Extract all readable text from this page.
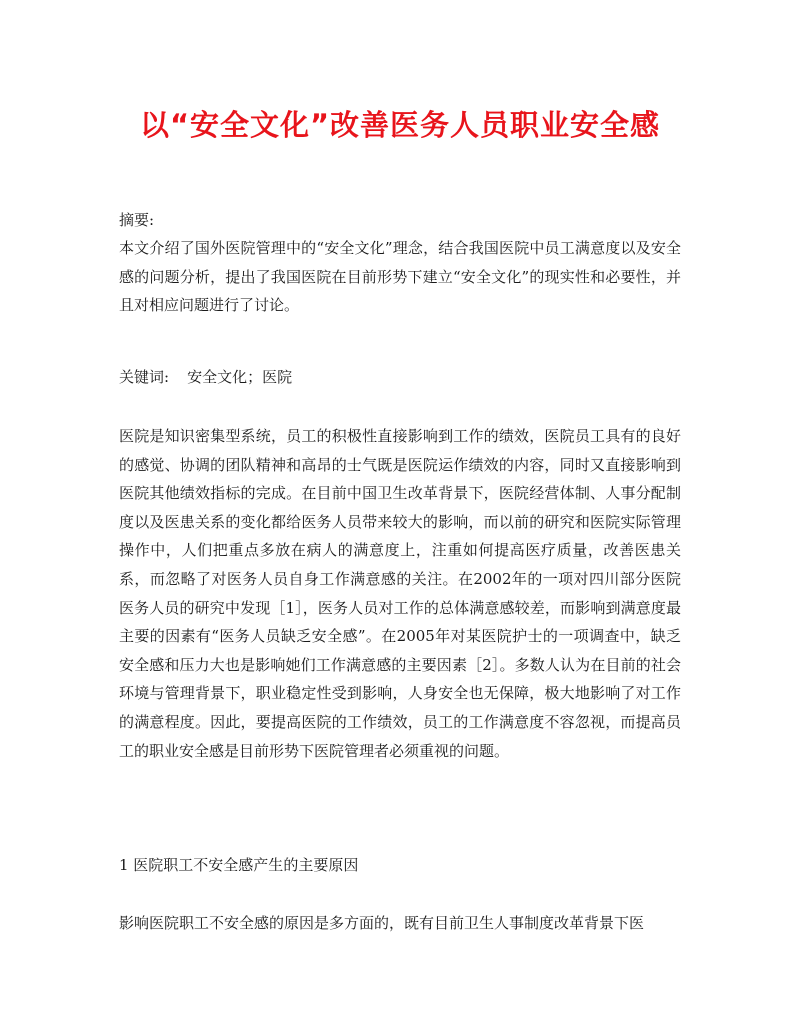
以“安全文化”改善医务人员职业安全感
摘要:
本文介绍了国外医院管理中的“安全文化”理念，结合我国医院中员工满意度以及安全感的问题分析，提出了我国医院在目前形势下建立“安全文化”的现实性和必要性，并且对相应问题进行了讨论。
关键词: 安全文化；医院
医院是知识密集型系统，员工的积极性直接影响到工作的绩效，医院员工具有的良好的感觉、协调的团队精神和高昂的士气既是医院运作绩效的内容，同时又直接影响到医院其他绩效指标的完成。在目前中国卫生改革背景下，医院经营体制、人事分配制度以及医患关系的变化都给医务人员带来较大的影响，而以前的研究和医院实际管理操作中，人们把重点多放在病人的满意度上，注重如何提高医疗质量，改善医患关系，而忽略了对医务人员自身工作满意感的关注。在2002年的一项对四川部分医院医务人员的研究中发现［1］，医务人员对工作的总体满意感较差，而影响到满意度最主要的因素有“医务人员缺乏安全感”。在2005年对某医院护士的一项调查中，缺乏安全感和压力大也是影响她们工作满意感的主要因素［2］。多数人认为在目前的社会环境与管理背景下，职业稳定性受到影响，人身安全也无保障，极大地影响了对工作的满意程度。因此，要提高医院的工作绩效，员工的工作满意度不容忽视，而提高员工的职业安全感是目前形势下医院管理者必须重视的问题。
1 医院职工不安全感产生的主要原因
影响医院职工不安全感的原因是多方面的，既有目前卫生人事制度改革背景下医
